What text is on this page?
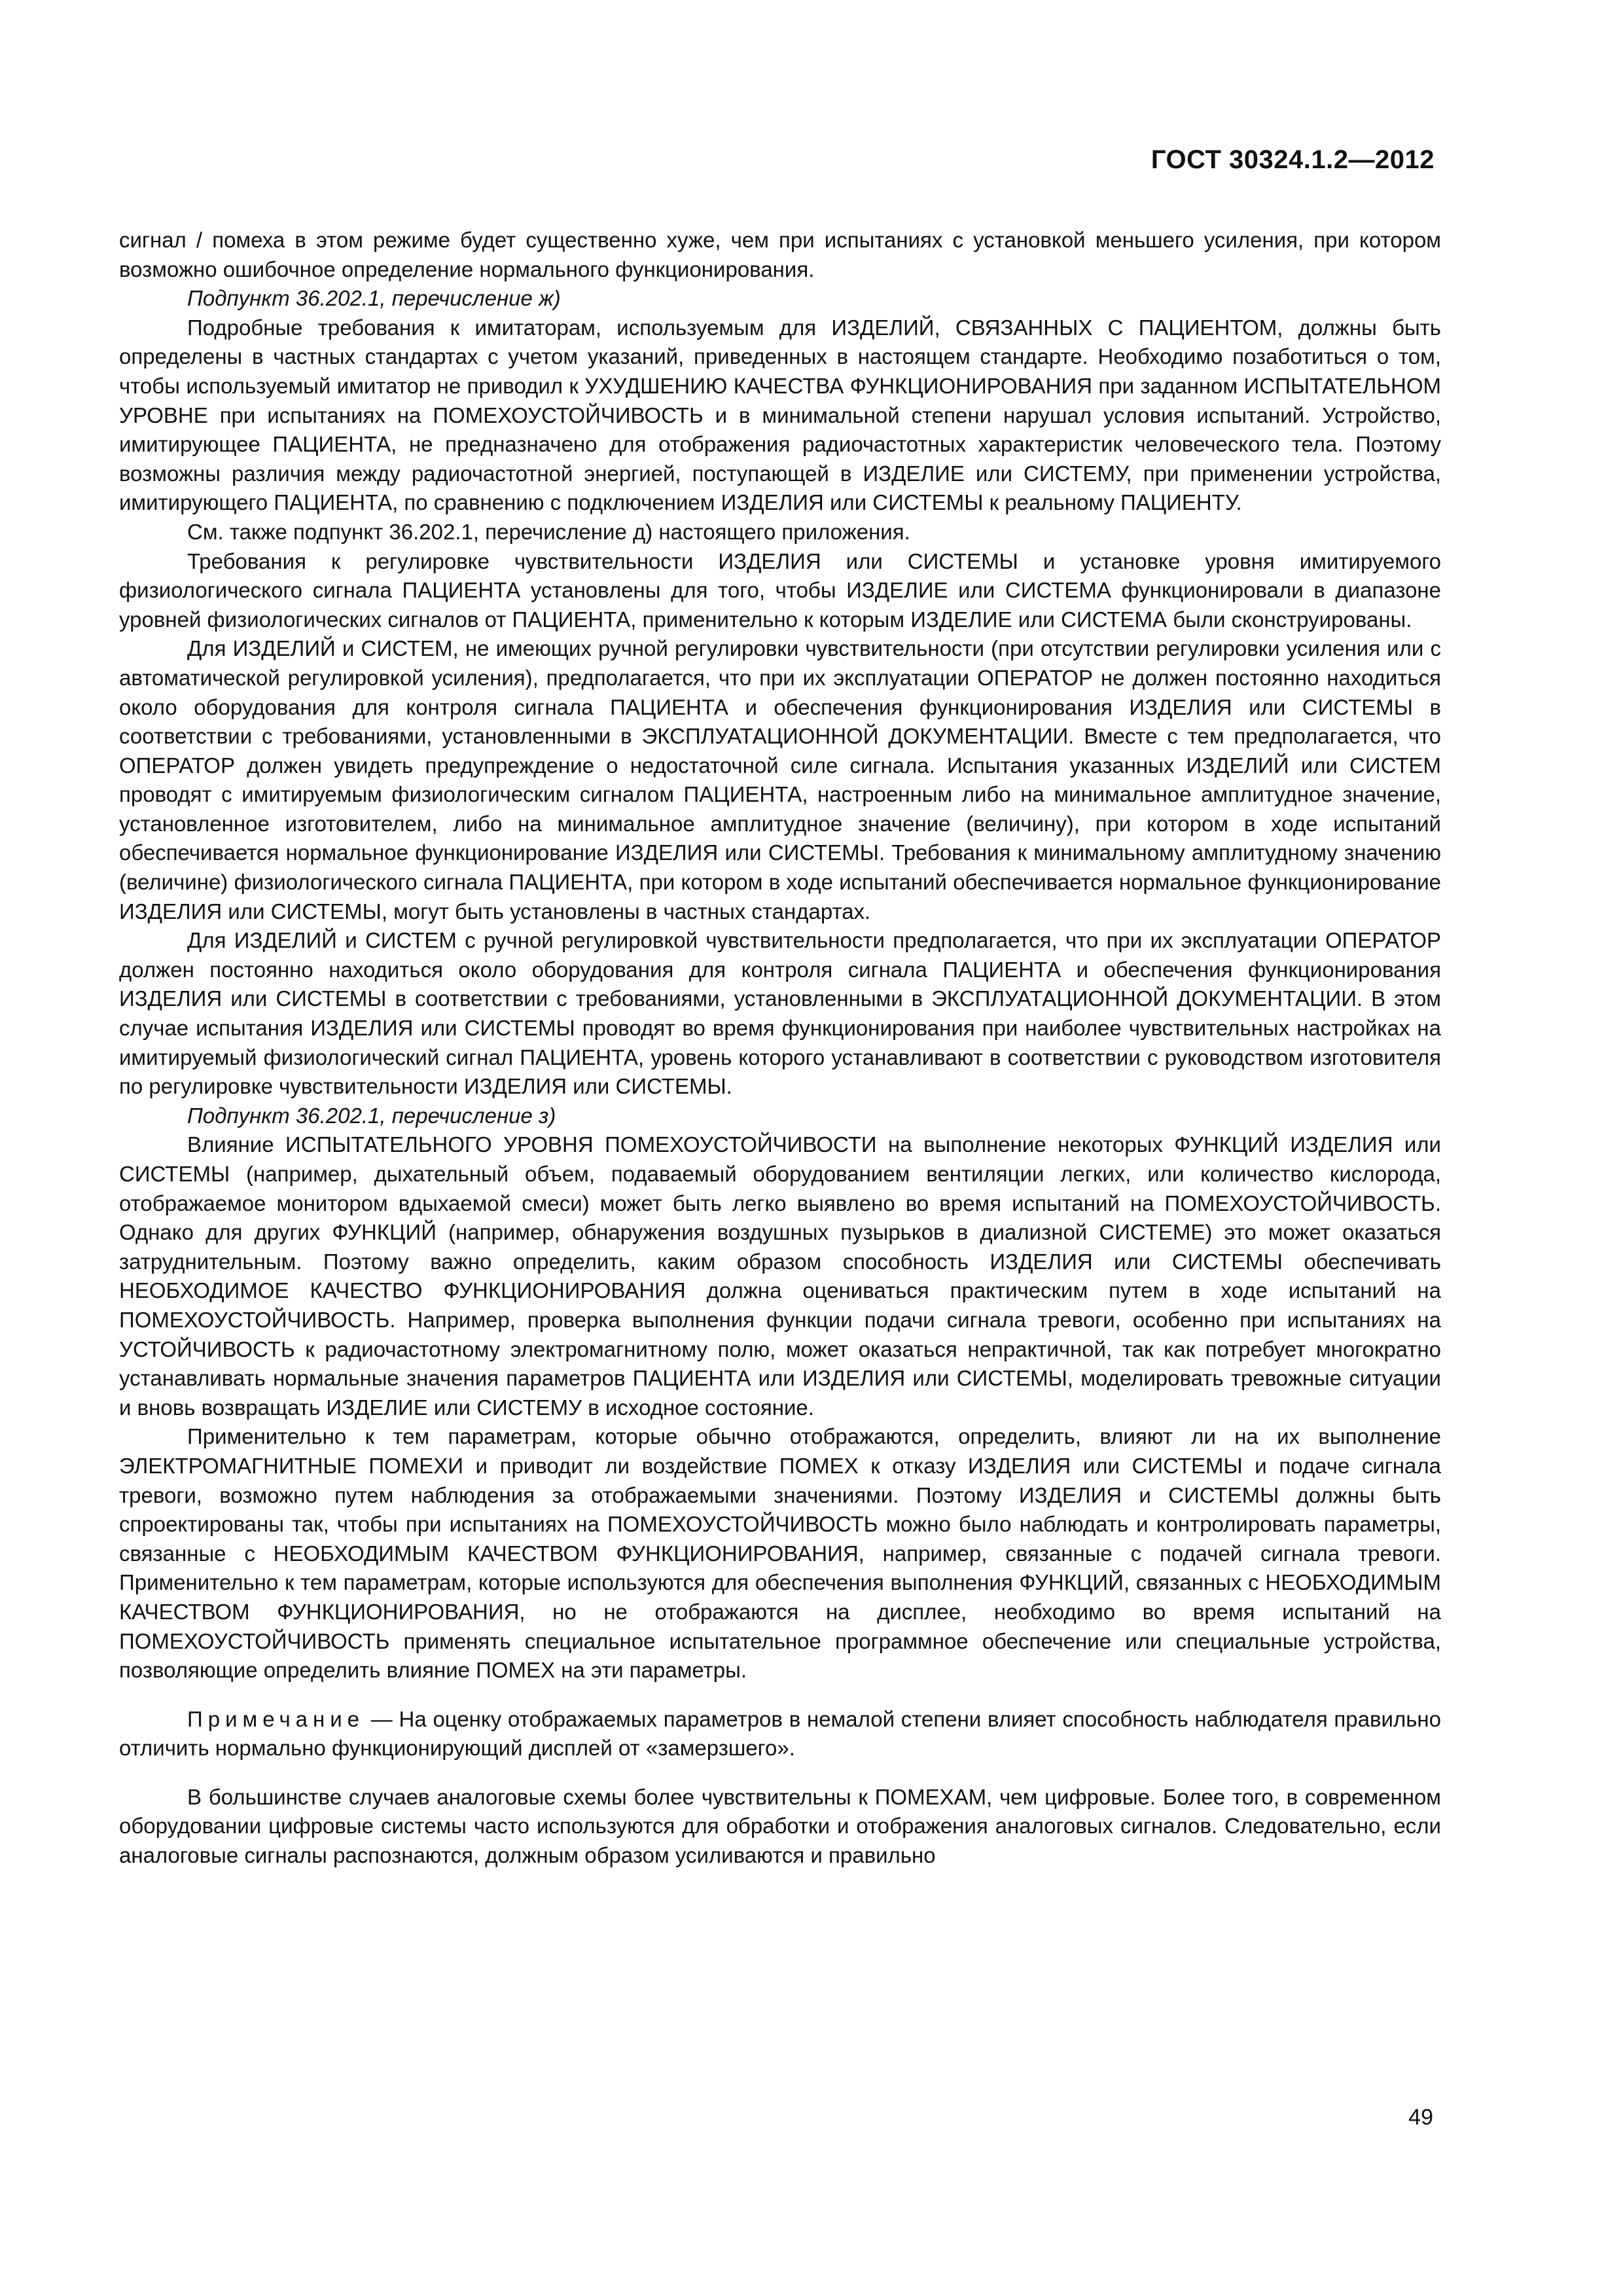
ГОСТ 30324.1.2—2012

сигнал / помеха в этом режиме будет существенно хуже, чем при испытаниях с установкой меньшего усиления, при котором возможно ошибочное определение нормального функционирования.

Подпункт 36.202.1, перечисление ж)

Подробные требования к имитаторам, используемым для ИЗДЕЛИЙ, СВЯЗАННЫХ С ПАЦИЕНТОМ, должны быть определены в частных стандартах с учетом указаний, приведенных в настоящем стандарте. Необходимо позаботиться о том, чтобы используемый имитатор не приводил к УХУДШЕНИЮ КАЧЕСТВА ФУНКЦИОНИРОВАНИЯ при заданном ИСПЫТАТЕЛЬНОМ УРОВНЕ при испытаниях на ПОМЕХОУСТОЙЧИВОСТЬ и в минимальной степени нарушал условия испытаний. Устройство, имитирующее ПАЦИЕНТА, не предназначено для отображения радиочастотных характеристик человеческого тела. Поэтому возможны различия между радиочастотной энергией, поступающей в ИЗДЕЛИЕ или СИСТЕМУ, при применении устройства, имитирующего ПАЦИЕНТА, по сравнению с подключением ИЗДЕЛИЯ или СИСТЕМЫ к реальному ПАЦИЕНТУ.

См. также подпункт 36.202.1, перечисление д) настоящего приложения.

Требования к регулировке чувствительности ИЗДЕЛИЯ или СИСТЕМЫ и установке уровня имитируемого физиологического сигнала ПАЦИЕНТА установлены для того, чтобы ИЗДЕЛИЕ или СИСТЕМА функционировали в диапазоне уровней физиологических сигналов от ПАЦИЕНТА, применительно к которым ИЗДЕЛИЕ или СИСТЕМА были сконструированы.

Для ИЗДЕЛИЙ и СИСТЕМ, не имеющих ручной регулировки чувствительности (при отсутствии регулировки усиления или с автоматической регулировкой усиления), предполагается, что при их эксплуатации ОПЕРАТОР не должен постоянно находиться около оборудования для контроля сигнала ПАЦИЕНТА и обеспечения функционирования ИЗДЕЛИЯ или СИСТЕМЫ в соответствии с требованиями, установленными в ЭКСПЛУАТАЦИОННОЙ ДОКУМЕНТАЦИИ. Вместе с тем предполагается, что ОПЕРАТОР должен увидеть предупреждение о недостаточной силе сигнала. Испытания указанных ИЗДЕЛИЙ или СИСТЕМ проводят с имитируемым физиологическим сигналом ПАЦИЕНТА, настроенным либо на минимальное амплитудное значение, установленное изготовителем, либо на минимальное амплитудное значение (величину), при котором в ходе испытаний обеспечивается нормальное функционирование ИЗДЕЛИЯ или СИСТЕМЫ. Требования к минимальному амплитудному значению (величине) физиологического сигнала ПАЦИЕНТА, при котором в ходе испытаний обеспечивается нормальное функционирование ИЗДЕЛИЯ или СИСТЕМЫ, могут быть установлены в частных стандартах.

Для ИЗДЕЛИЙ и СИСТЕМ с ручной регулировкой чувствительности предполагается, что при их эксплуатации ОПЕРАТОР должен постоянно находиться около оборудования для контроля сигнала ПАЦИЕНТА и обеспечения функционирования ИЗДЕЛИЯ или СИСТЕМЫ в соответствии с требованиями, установленными в ЭКСПЛУАТАЦИОННОЙ ДОКУМЕНТАЦИИ. В этом случае испытания ИЗДЕЛИЯ или СИСТЕМЫ проводят во время функционирования при наиболее чувствительных настройках на имитируемый физиологический сигнал ПАЦИЕНТА, уровень которого устанавливают в соответствии с руководством изготовителя по регулировке чувствительности ИЗДЕЛИЯ или СИСТЕМЫ.

Подпункт 36.202.1, перечисление з)

Влияние ИСПЫТАТЕЛЬНОГО УРОВНЯ ПОМЕХОУСТОЙЧИВОСТИ на выполнение некоторых ФУНКЦИЙ ИЗДЕЛИЯ или СИСТЕМЫ (например, дыхательный объем, подаваемый оборудованием вентиляции легких, или количество кислорода, отображаемое монитором вдыхаемой смеси) может быть легко выявлено во время испытаний на ПОМЕХОУСТОЙЧИВОСТЬ. Однако для других ФУНКЦИЙ (например, обнаружения воздушных пузырьков в диализной СИСТЕМЕ) это может оказаться затруднительным. Поэтому важно определить, каким образом способность ИЗДЕЛИЯ или СИСТЕМЫ обеспечивать НЕОБХОДИМОЕ КАЧЕСТВО ФУНКЦИОНИРОВАНИЯ должна оцениваться практическим путем в ходе испытаний на ПОМЕХОУСТОЙЧИВОСТЬ. Например, проверка выполнения функции подачи сигнала тревоги, особенно при испытаниях на УСТОЙЧИВОСТЬ к радиочастотному электромагнитному полю, может оказаться непрактичной, так как потребует многократно устанавливать нормальные значения параметров ПАЦИЕНТА или ИЗДЕЛИЯ или СИСТЕМЫ, моделировать тревожные ситуации и вновь возвращать ИЗДЕЛИЕ или СИСТЕМУ в исходное состояние.

Применительно к тем параметрам, которые обычно отображаются, определить, влияют ли на их выполнение ЭЛЕКТРОМАГНИТНЫЕ ПОМЕХИ и приводит ли воздействие ПОМЕХ к отказу ИЗДЕЛИЯ или СИСТЕМЫ и подаче сигнала тревоги, возможно путем наблюдения за отображаемыми значениями. Поэтому ИЗДЕЛИЯ и СИСТЕМЫ должны быть спроектированы так, чтобы при испытаниях на ПОМЕХОУСТОЙЧИВОСТЬ можно было наблюдать и контролировать параметры, связанные с НЕОБХОДИМЫМ КАЧЕСТВОМ ФУНКЦИОНИРОВАНИЯ, например, связанные с подачей сигнала тревоги. Применительно к тем параметрам, которые используются для обеспечения выполнения ФУНКЦИЙ, связанных с НЕОБХОДИМЫМ КАЧЕСТВОМ ФУНКЦИОНИРОВАНИЯ, но не отображаются на дисплее, необходимо во время испытаний на ПОМЕХОУСТОЙЧИВОСТЬ применять специальное испытательное программное обеспечение или специальные устройства, позволяющие определить влияние ПОМЕХ на эти параметры.

Примечание — На оценку отображаемых параметров в немалой степени влияет способность наблюдателя правильно отличить нормально функционирующий дисплей от «замерзшего».

В большинстве случаев аналоговые схемы более чувствительны к ПОМЕХАМ, чем цифровые. Более того, в современном оборудовании цифровые системы часто используются для обработки и отображения аналоговых сигналов. Следовательно, если аналоговые сигналы распознаются, должным образом усиливаются и правильно

49
